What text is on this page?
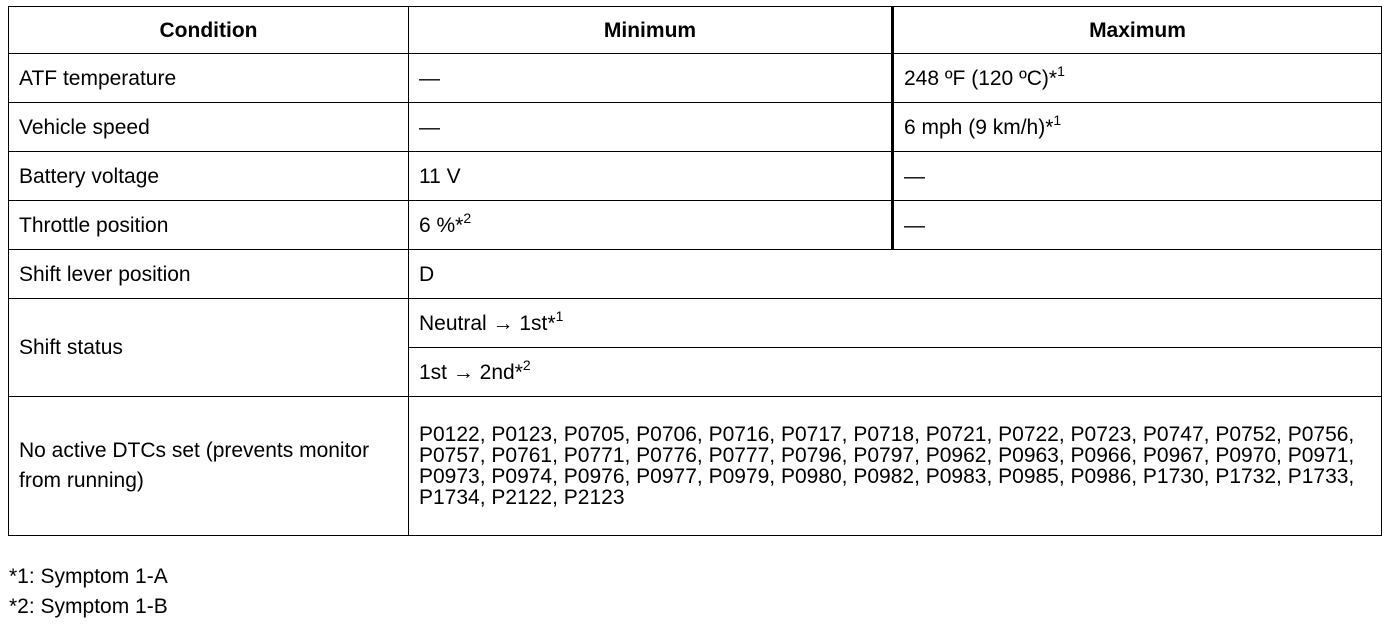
Condition	Minimum	Maximum
ATF temperature	—	248 ºF (120 ºC)*$^1$
Vehicle speed	—	6 mph (9 km/h)*$^1$
Battery voltage	11 V	—
Throttle position	6 %*$^2$	—
Shift lever position	D	
Shift status	Neutral → 1st*$^1$
	1st → 2nd*$^2$
No active DTCs set (prevents monitor from running)	P0122, P0123, P0705, P0706, P0716, P0717, P0718, P0721, P0722, P0723, P0747, P0752, P0756, P0757, P0761, P0771, P0776, P0777, P0796, P0797, P0962, P0963, P0966, P0967, P0970, P0971, P0973, P0974, P0976, P0977, P0979, P0980, P0982, P0983, P0985, P0986, P1730, P1732, P1733, P1734, P2122, P2123	
*1: Symptom 1-A
*2: Symptom 1-B
